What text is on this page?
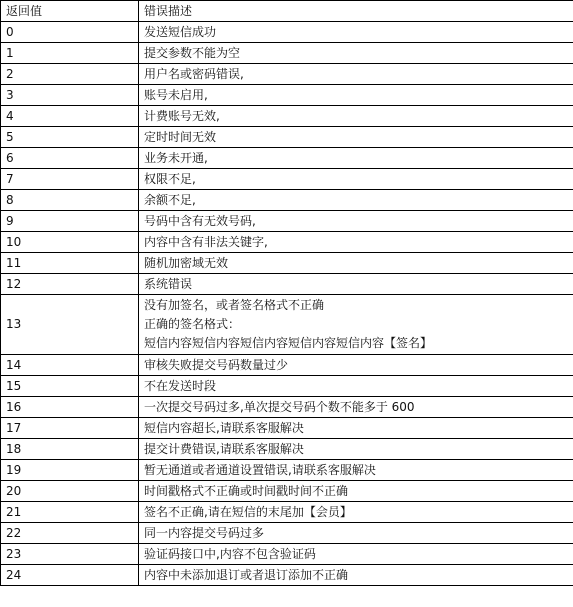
返回值	错误描述
0	发送短信成功
1	提交参数不能为空
2	用户名或密码错误,
3	账号未启用,
4	计费账号无效,
5	定时时间无效
6	业务未开通,
7	权限不足,
8	余额不足,
9	号码中含有无效号码,
10	内容中含有非法关键字,
11	随机加密域无效
12	系统错误
13	没有加签名，或者签名格式不正确
正确的签名格式：
短信内容短信内容短信内容短信内容短信内容【签名】

14	审核失败提交号码数量过少
15	不在发送时段
16	一次提交号码过多,单次提交号码个数不能多于 600
17	短信内容超长,请联系客服解决
18	提交计费错误,请联系客服解决
19	暂无通道或者通道设置错误,请联系客服解决
20	时间戳格式不正确或时间戳时间不正确
21	签名不正确,请在短信的末尾加【会员】
22	同一内容提交号码过多
23	验证码接口中,内容不包含验证码
24	内容中未添加退订或者退订添加不正确
